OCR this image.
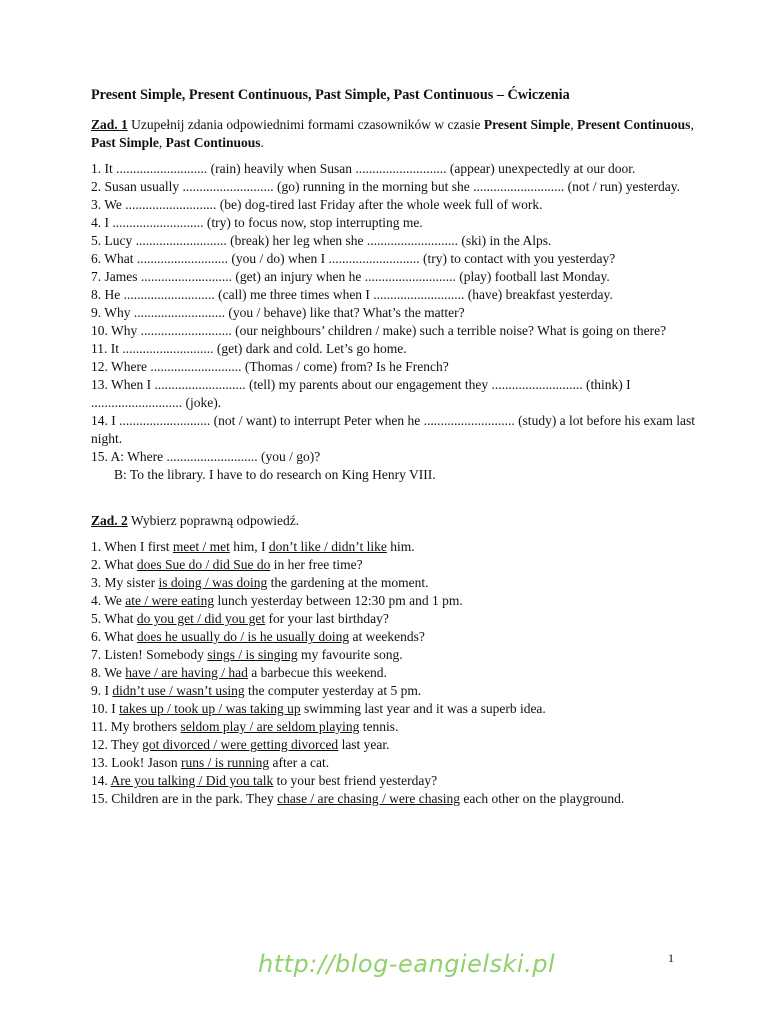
Present Simple, Present Continuous, Past Simple, Past Continuous – Ćwiczenia
Zad. 1 Uzupełnij zdania odpowiednimi formami czasowników w czasie Present Simple, Present Continuous, Past Simple, Past Continuous.
1. It ........................... (rain) heavily when Susan ........................... (appear) unexpectedly at our door.
2. Susan usually ........................... (go) running in the morning but she ........................... (not / run) yesterday.
3. We ........................... (be) dog-tired last Friday after the whole week full of work.
4. I ........................... (try) to focus now, stop interrupting me.
5. Lucy ........................... (break) her leg when she ........................... (ski) in the Alps.
6. What ........................... (you / do) when I ........................... (try) to contact with you yesterday?
7. James ........................... (get) an injury when he ........................... (play) football last Monday.
8. He ........................... (call) me three times when I ........................... (have) breakfast yesterday.
9. Why ........................... (you / behave) like that? What’s the matter?
10. Why ........................... (our neighbours’ children / make) such a terrible noise? What is going on there?
11. It ........................... (get) dark and cold. Let’s go home.
12. Where ........................... (Thomas / come) from? Is he French?
13. When I ........................... (tell) my parents about our engagement they ........................... (think) I ........................... (joke).
14. I ........................... (not / want) to interrupt Peter when he ........................... (study) a lot before his exam last night.
15. A: Where ........................... (you / go)?
B: To the library. I have to do research on King Henry VIII.
Zad. 2 Wybierz poprawną odpowiedź.
1. When I first meet / met him, I don’t like / didn’t like him.
2. What does Sue do / did Sue do in her free time?
3. My sister is doing / was doing the gardening at the moment.
4. We ate / were eating lunch yesterday between 12:30 pm and 1 pm.
5. What do you get / did you get for your last birthday?
6. What does he usually do / is he usually doing at weekends?
7. Listen! Somebody sings / is singing my favourite song.
8. We have / are having / had a barbecue this weekend.
9. I didn’t use / wasn’t using the computer yesterday at 5 pm.
10. I takes up / took up / was taking up swimming last year and it was a superb idea.
11. My brothers seldom play / are seldom playing tennis.
12. They got divorced / were getting divorced last year.
13. Look! Jason runs / is running after a cat.
14. Are you talking / Did you talk to your best friend yesterday?
15. Children are in the park. They chase / are chasing / were chasing each other on the playground.
1
http://blog-eangielski.pl
